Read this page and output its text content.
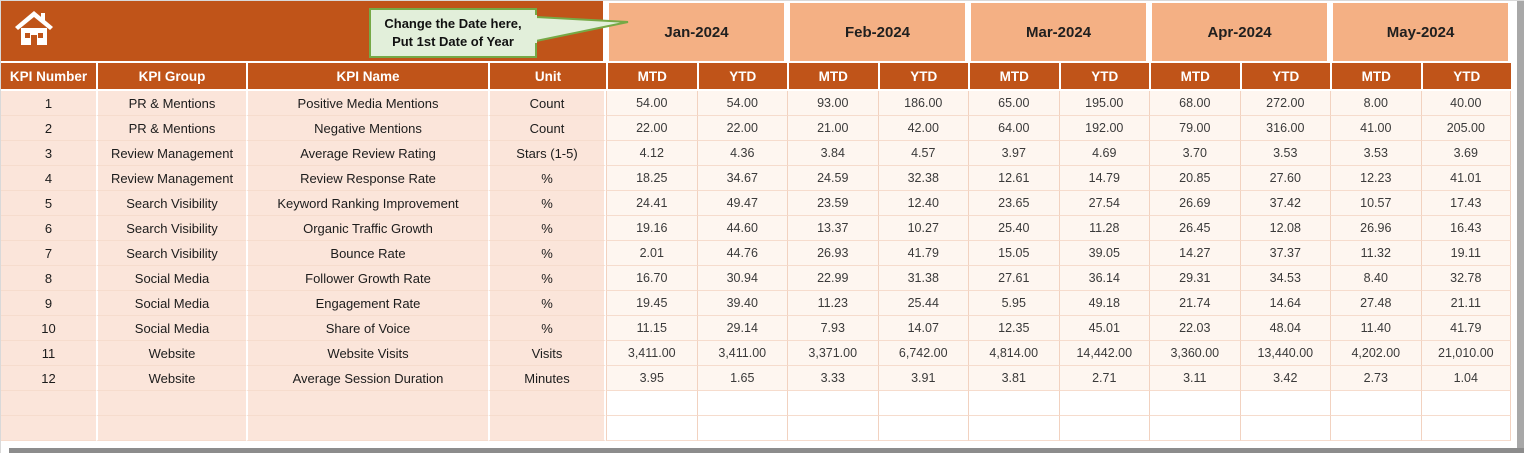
				Jan-2024		Feb-2024		Mar-2024		Apr-2024		May-2024	
KPI Number	KPI Group	KPI Name	Unit	MTD	YTD	MTD	YTD	MTD	YTD	MTD	YTD	MTD	YTD
1	PR & Mentions	Positive Media Mentions	Count	54.00	54.00	93.00	186.00	65.00	195.00	68.00	272.00	8.00	40.00
2	PR & Mentions	Negative Mentions	Count	22.00	22.00	21.00	42.00	64.00	192.00	79.00	316.00	41.00	205.00
3	Review Management	Average Review Rating	Stars (1-5)	4.12	4.36	3.84	4.57	3.97	4.69	3.70	3.53	3.53	3.69
4	Review Management	Review Response Rate	%	18.25	34.67	24.59	32.38	12.61	14.79	20.85	27.60	12.23	41.01
5	Search Visibility	Keyword Ranking Improvement	%	24.41	49.47	23.59	12.40	23.65	27.54	26.69	37.42	10.57	17.43
6	Search Visibility	Organic Traffic Growth	%	19.16	44.60	13.37	10.27	25.40	11.28	26.45	12.08	26.96	16.43
7	Search Visibility	Bounce Rate	%	2.01	44.76	26.93	41.79	15.05	39.05	14.27	37.37	11.32	19.11
8	Social Media	Follower Growth Rate	%	16.70	30.94	22.99	31.38	27.61	36.14	29.31	34.53	8.40	32.78
9	Social Media	Engagement Rate	%	19.45	39.40	11.23	25.44	5.95	49.18	21.74	14.64	27.48	21.11
10	Social Media	Share of Voice	%	11.15	29.14	7.93	14.07	12.35	45.01	22.03	48.04	11.40	41.79
11	Website	Website Visits	Visits	3,411.00	3,411.00	3,371.00	6,742.00	4,814.00	14,442.00	3,360.00	13,440.00	4,202.00	21,010.00
12	Website	Average Session Duration	Minutes	3.95	1.65	3.33	3.91	3.81	2.71	3.11	3.42	2.73	1.04

Change the Date here,
Put 1st Date of Year
